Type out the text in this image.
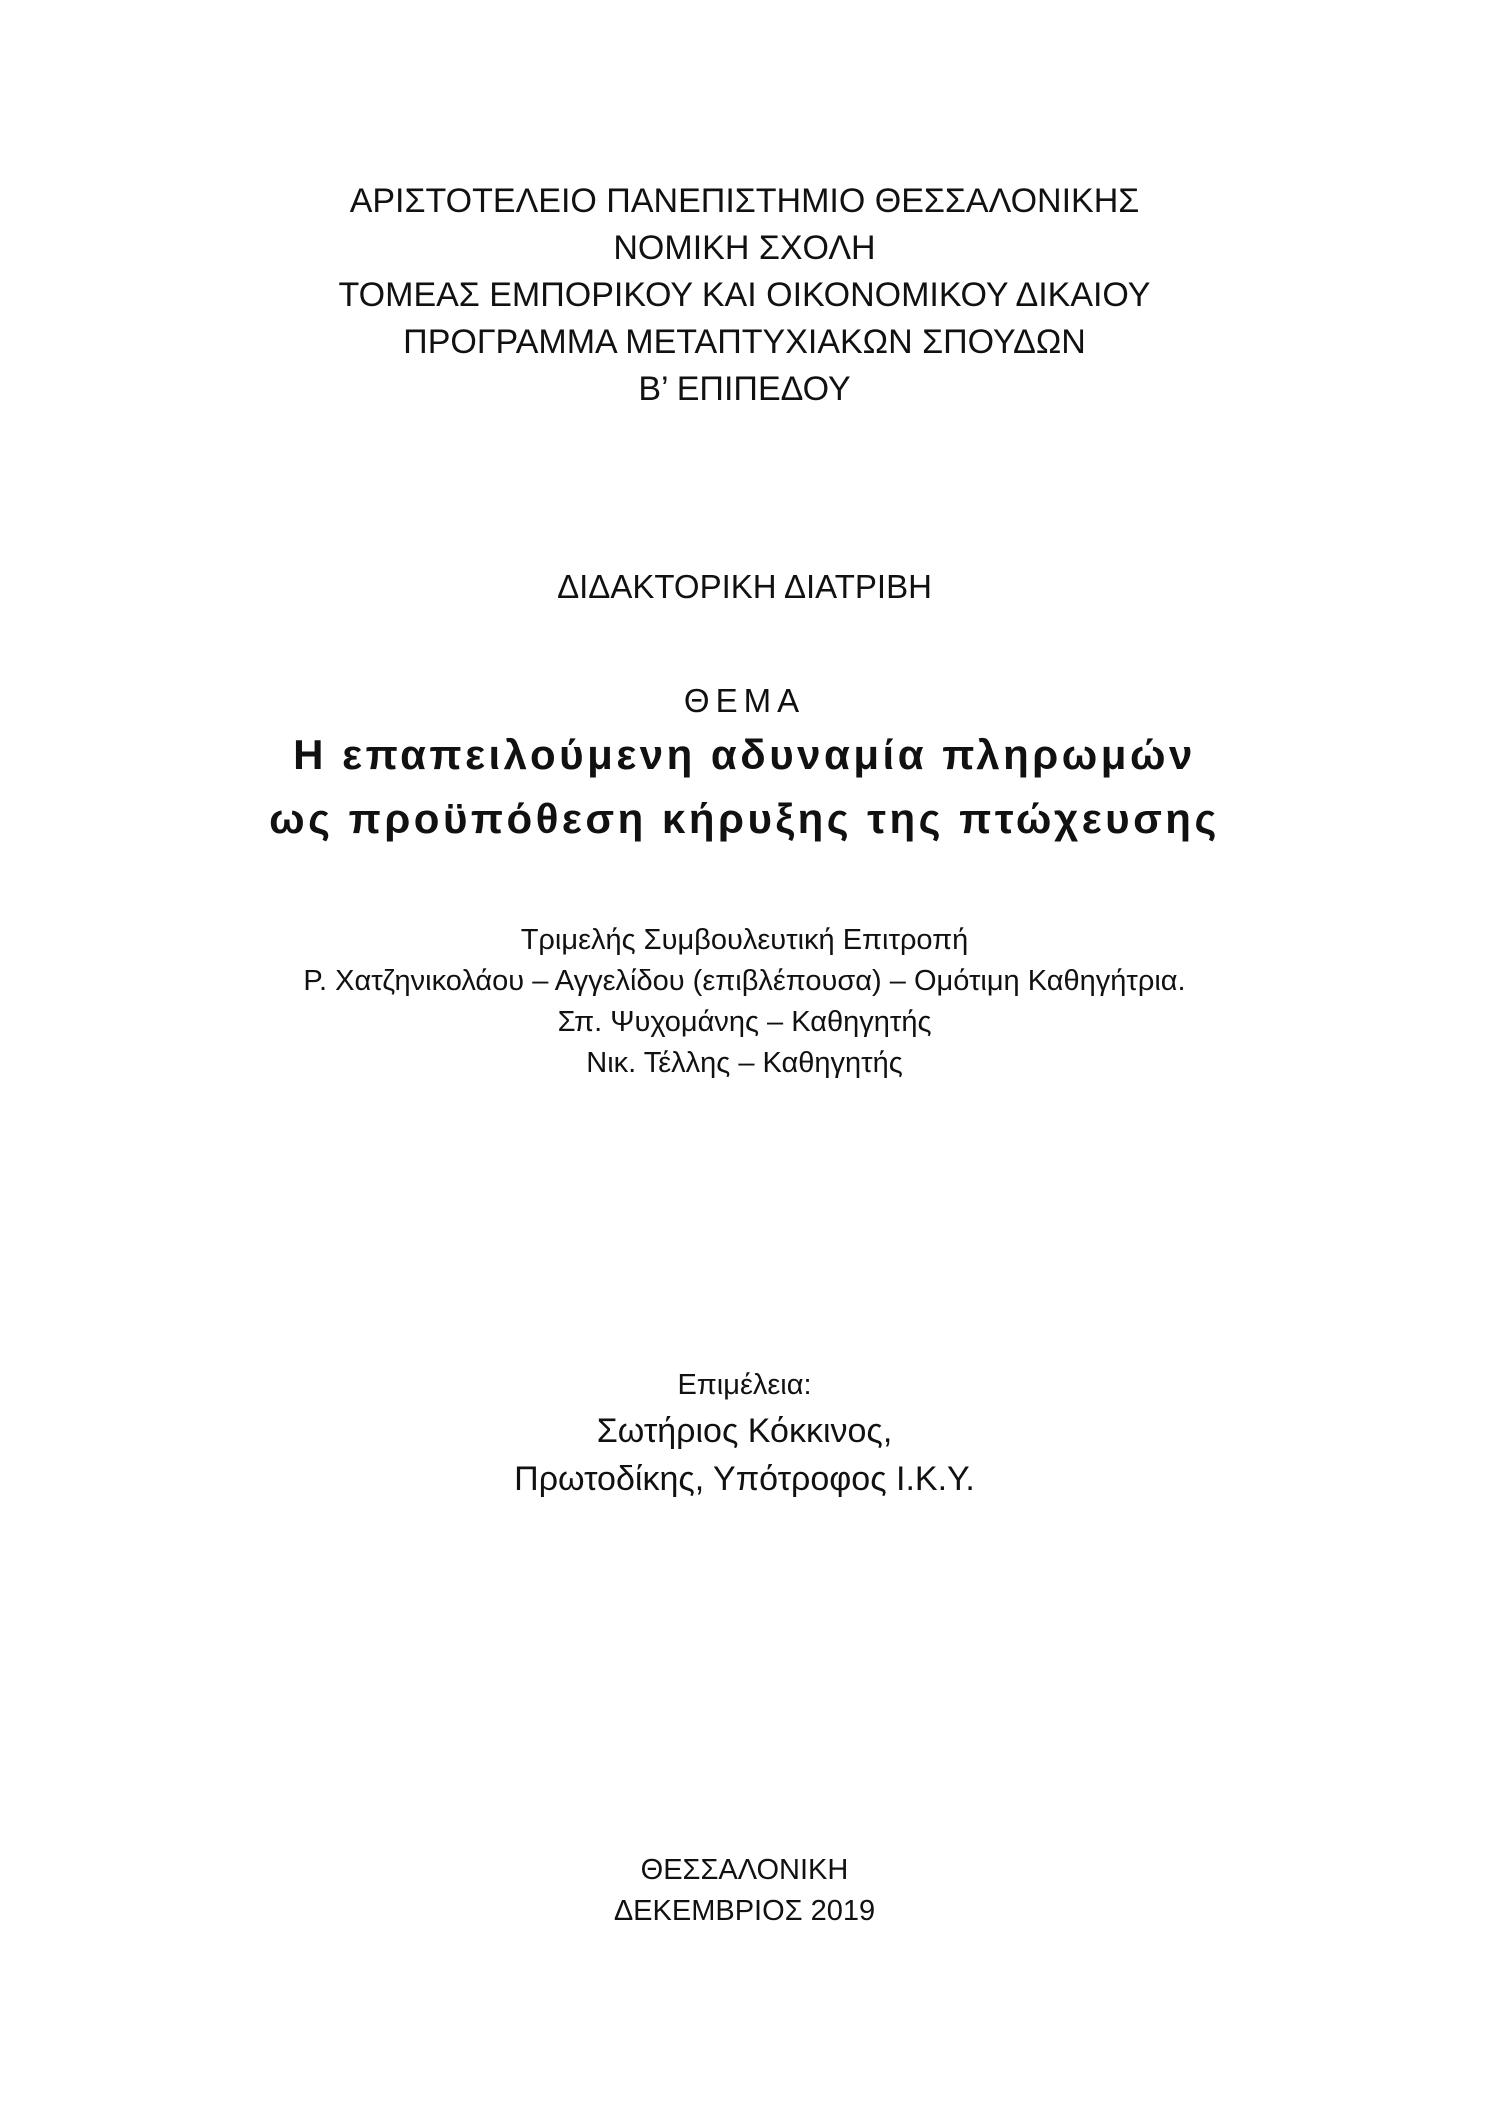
ΑΡΙΣΤΟΤΕΛΕΙΟ ΠΑΝΕΠΙΣΤΗΜΙΟ ΘΕΣΣΑΛΟΝΙΚΗΣ
ΝΟΜΙΚΗ ΣΧΟΛΗ
ΤΟΜΕΑΣ ΕΜΠΟΡΙΚΟΥ ΚΑΙ ΟΙΚΟΝΟΜΙΚΟΥ ΔΙΚΑΙΟΥ
ΠΡΟΓΡΑΜΜΑ ΜΕΤΑΠΤΥΧΙΑΚΩΝ ΣΠΟΥΔΩΝ
Β’ ΕΠΙΠΕΔΟΥ
ΔΙΔΑΚΤΟΡΙΚΗ ΔΙΑΤΡΙΒΗ
ΘΕΜΑ
Η επαπειλούμενη αδυναμία πληρωμών
ως προϋπόθεση κήρυξης της πτώχευσης
Τριμελής Συμβουλευτική Επιτροπή
Ρ. Χατζηνικολάου – Αγγελίδου (επιβλέπουσα) – Ομότιμη Καθηγήτρια.
Σπ. Ψυχομάνης – Καθηγητής
Νικ. Τέλλης – Καθηγητής
Επιμέλεια:
Σωτήριος Κόκκινος,
Πρωτοδίκης, Υπότροφος Ι.Κ.Υ.
ΘΕΣΣΑΛΟΝΙΚΗ
ΔΕΚΕΜΒΡΙΟΣ 2019
